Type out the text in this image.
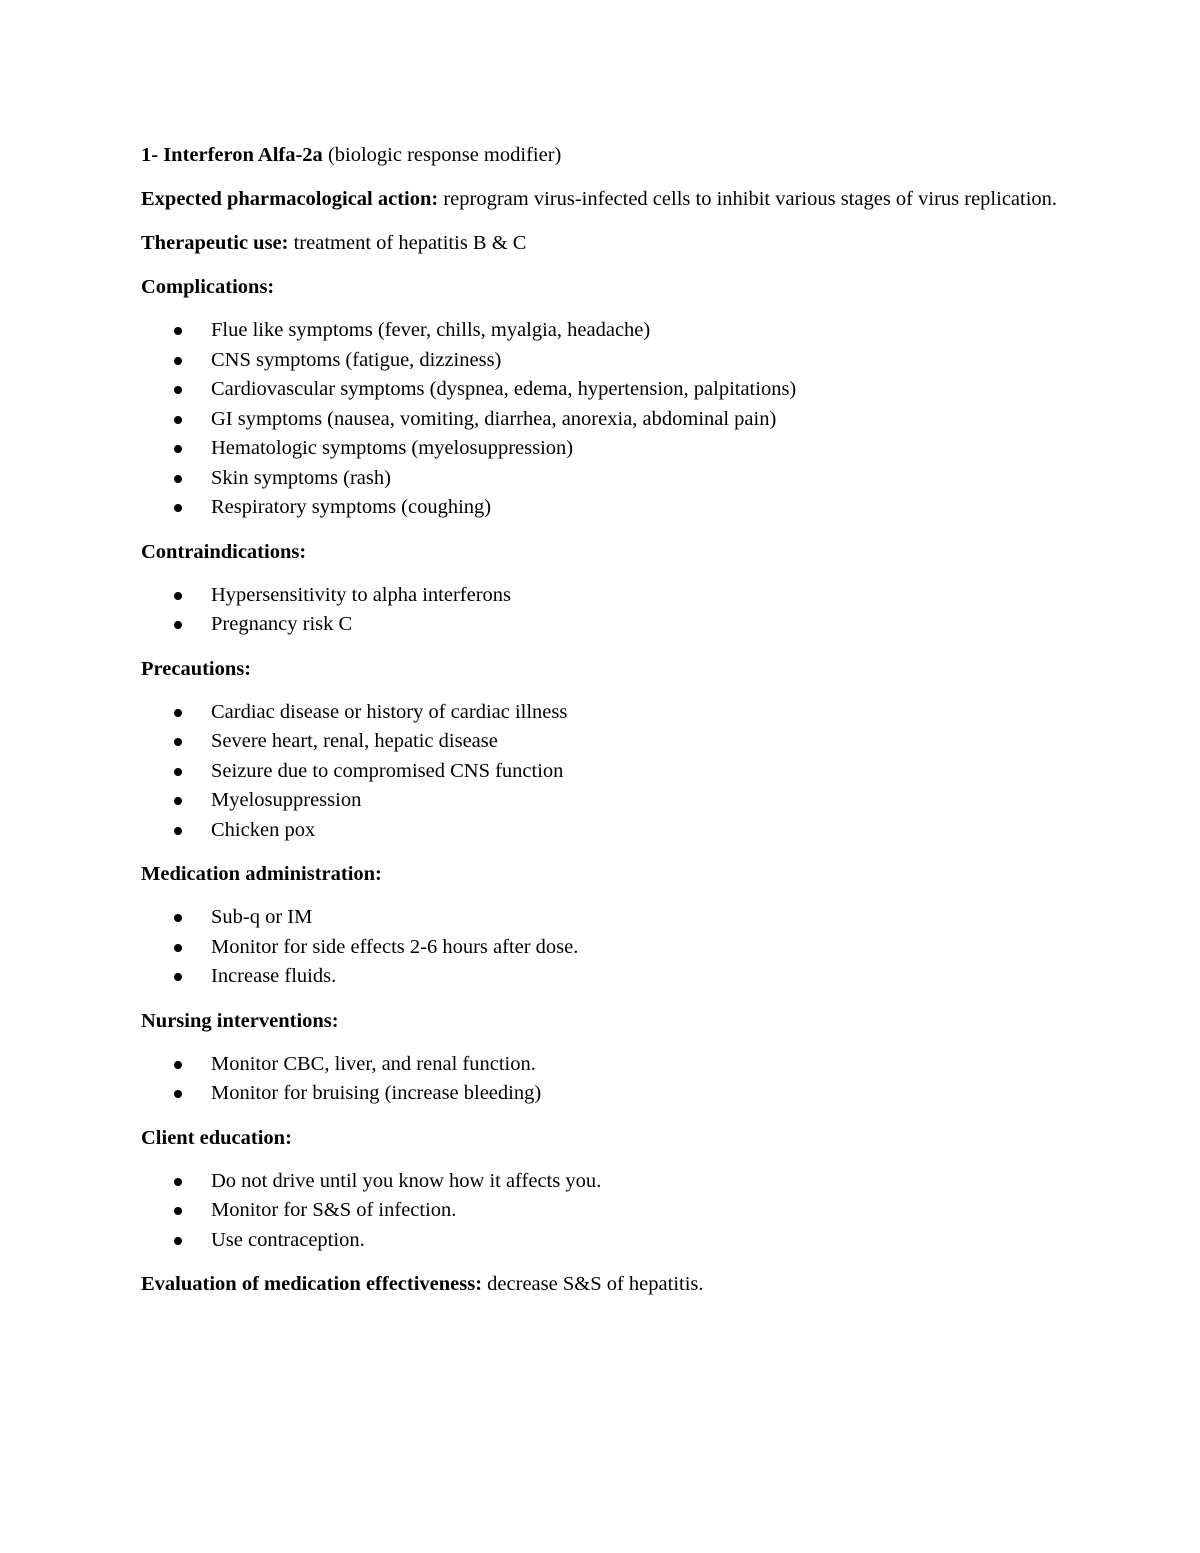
1- Interferon Alfa-2a (biologic response modifier)

Expected pharmacological action: reprogram virus-infected cells to inhibit various stages of virus replication.

Therapeutic use: treatment of hepatitis B & C

Complications:

Flue like symptoms (fever, chills, myalgia, headache)
CNS symptoms (fatigue, dizziness)
Cardiovascular symptoms (dyspnea, edema, hypertension, palpitations)
GI symptoms (nausea, vomiting, diarrhea, anorexia, abdominal pain)
Hematologic symptoms (myelosuppression)
Skin symptoms (rash)
Respiratory symptoms (coughing)

Contraindications:

Hypersensitivity to alpha interferons
Pregnancy risk C

Precautions:

Cardiac disease or history of cardiac illness
Severe heart, renal, hepatic disease
Seizure due to compromised CNS function
Myelosuppression
Chicken pox

Medication administration:

Sub-q or IM
Monitor for side effects 2-6 hours after dose.
Increase fluids.

Nursing interventions:

Monitor CBC, liver, and renal function.
Monitor for bruising (increase bleeding)

Client education:

Do not drive until you know how it affects you.
Monitor for S&S of infection.
Use contraception.

Evaluation of medication effectiveness: decrease S&S of hepatitis.
